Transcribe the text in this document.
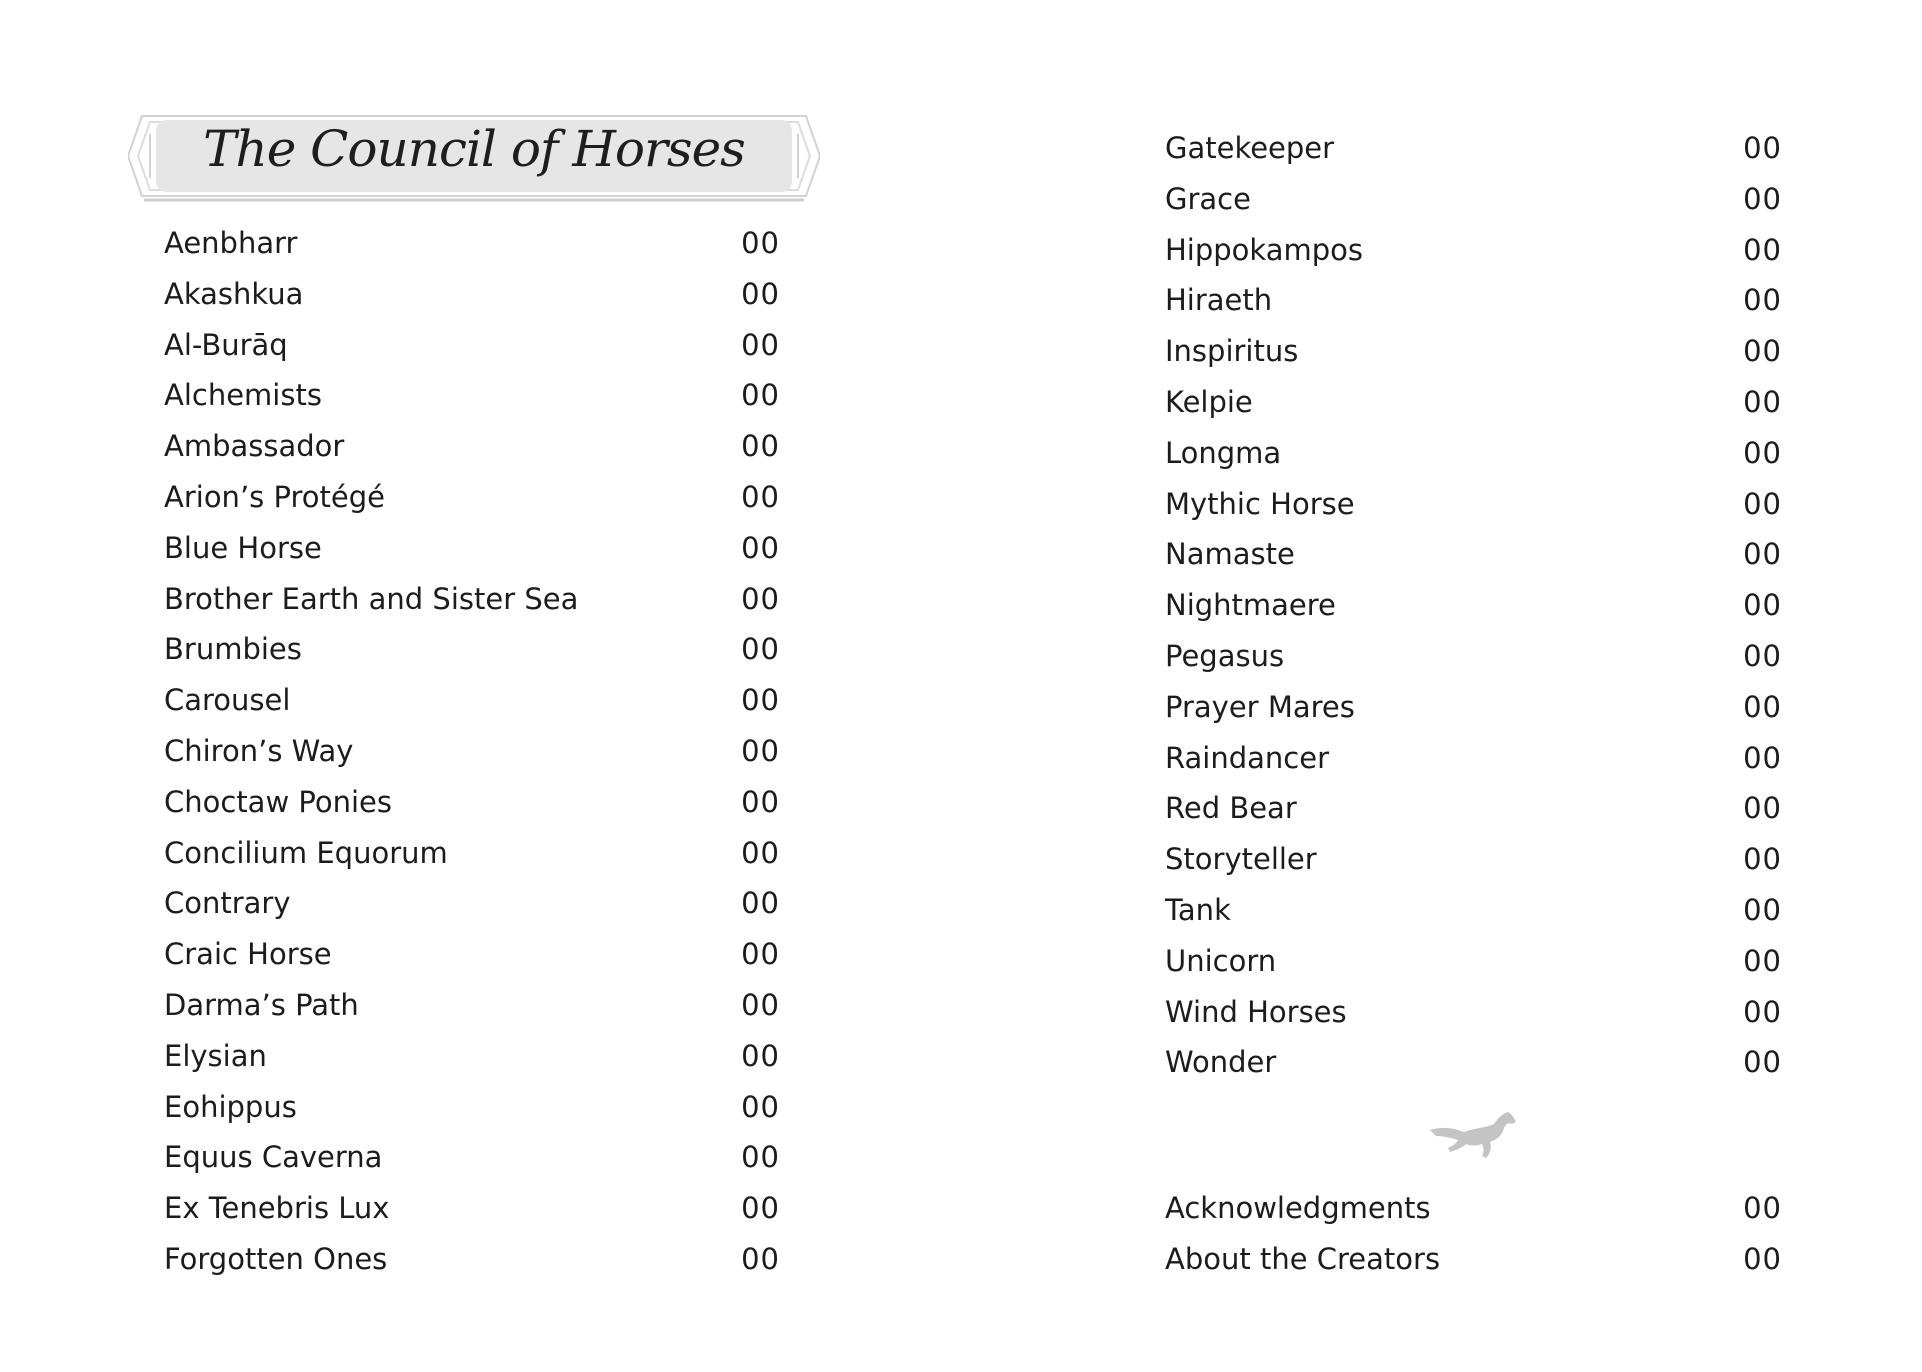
The Council of Horses
Aenbharr	00
Akashkua	00
Al-Burāq	00
Alchemists	00
Ambassador	00
Arion’s Protégé	00
Blue Horse	00
Brother Earth and Sister Sea	00
Brumbies	00
Carousel	00
Chiron’s Way	00
Choctaw Ponies	00
Concilium Equorum	00
Contrary	00
Craic Horse	00
Darma’s Path	00
Elysian	00
Eohippus	00
Equus Caverna	00
Ex Tenebris Lux	00
Forgotten Ones	00
Gatekeeper	00
Grace	00
Hippokampos	00
Hiraeth	00
Inspiritus	00
Kelpie	00
Longma	00
Mythic Horse	00
Namaste	00
Nightmaere	00
Pegasus	00
Prayer Mares	00
Raindancer	00
Red Bear	00
Storyteller	00
Tank	00
Unicorn	00
Wind Horses	00
Wonder	00
Acknowledgments	00
About the Creators	00
